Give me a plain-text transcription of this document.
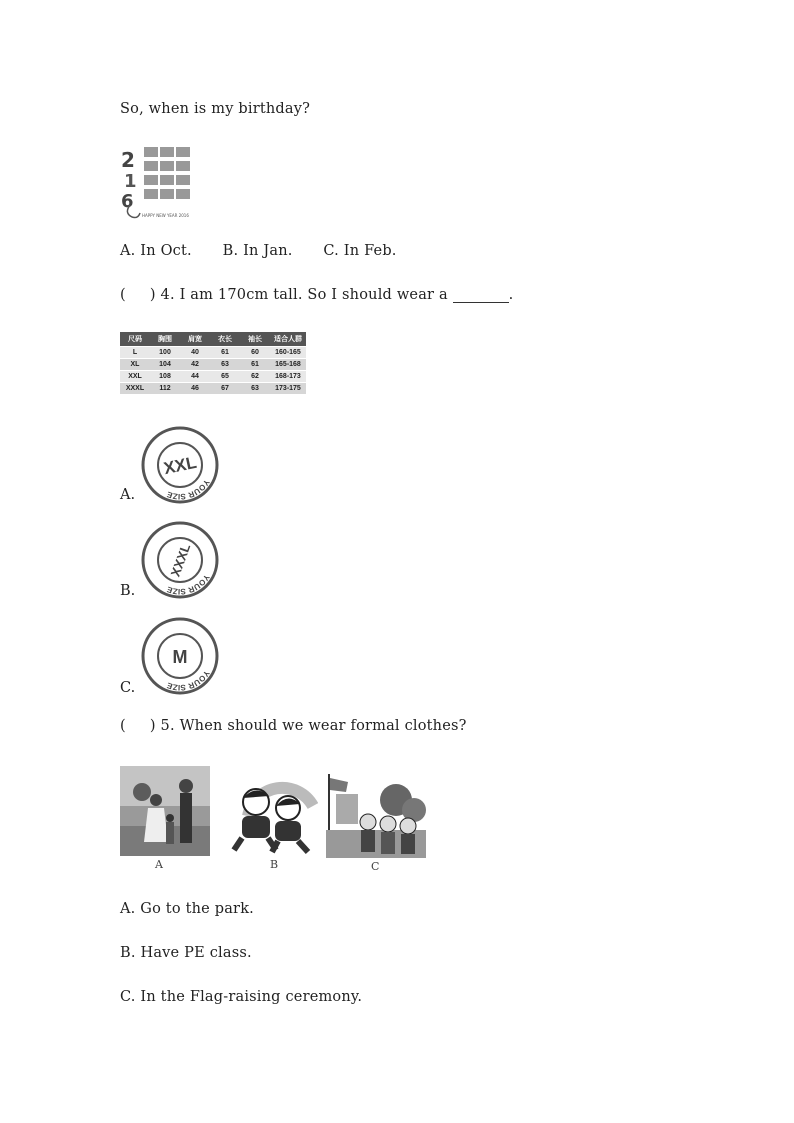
So, when is my birthday?
2
1
6
HAPPY NEW YEAR 2016
A. In Oct. B. In Jan. C. In Feb.
( ) 4. I am 170cm tall. So I should wear a	.
尺码	胸围	肩宽	衣长	袖长	适合人群
L	100	40	61	60	160-165
XL	104	42	63	61	165-168
XXL	108	44	65	62	168-173
XXXL	112	46	67	63	173-175
A.
YOUR SIZE
XXL
B.
YOUR SIZE
XXXL
C.
YOUR SIZE
M
( ) 5. When should we wear formal clothes?
A	B	C
A. Go to the park.
B. Have PE class.
C. In the Flag-raising ceremony.
